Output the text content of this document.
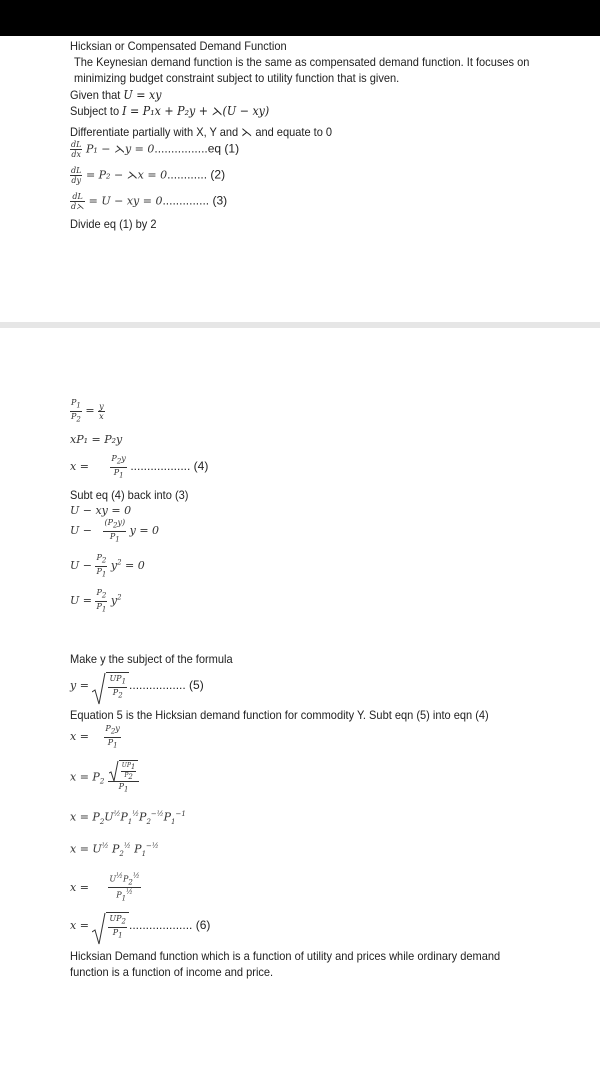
Hicksian or Compensated Demand Function
The Keynesian demand function is the same as compensated demand function. It focuses on minimizing budget constraint subject to utility function that is given.
Given that U = xy
Subject to I = P₁x + P₂y + ⋋(U − xy)
Differentiate partially with X, Y and ⋋ and equate to 0
$\frac{dL}{dx} P_1$ − ⋋y = 0................eq (1)
$\frac{dL}{dy} = P_2$ − ⋋x = 0............ (2)
$\frac{dL}{d⋋} = U$ − xy = 0.............. (3)
Divide eq (1) by 2
$\frac{P_1}{P_2} = \frac{y}{x}$
xP₁ = P₂y
$x = \frac{P_2y}{P_1}$ .................. (4)
Subt eq (4) back into (3)
U − xy = 0
$U - \frac{(P_2y)}{P_1}$ y = 0
$U - \frac{P_2}{P_1} y^2 = 0$
$U = \frac{P_2}{P_1} y^2$
Make y the subject of the formula
$y = \frac{UP_1}{P_2}$ ................. (5)
Equation 5 is the Hicksian demand function for commodity Y. Subt eqn (5) into eqn (4)
$x = \frac{P_2y}{P_1}$
$x = P_2 \frac{\frac{UP_1}{P_2}}{P_1}$
$x = P_2U^{\frac{1}{2}}P_1^{\frac{1}{2}}P_2^{-\frac{1}{2}}P_1^{-1}$
$x = U^{\frac{1}{2}}$ $P_2^{\frac{1}{2}}$ $P_1^{-\frac{1}{2}}$
$x = \frac{U^{\frac{1}{2}}P_2^{\frac{1}{2}}}{P_1^{\frac{1}{2}}}$
$x = \frac{UP_2}{P_1}$ ................... (6)
Hicksian Demand function which is a function of utility and prices while ordinary demand function is a function of income and price.
